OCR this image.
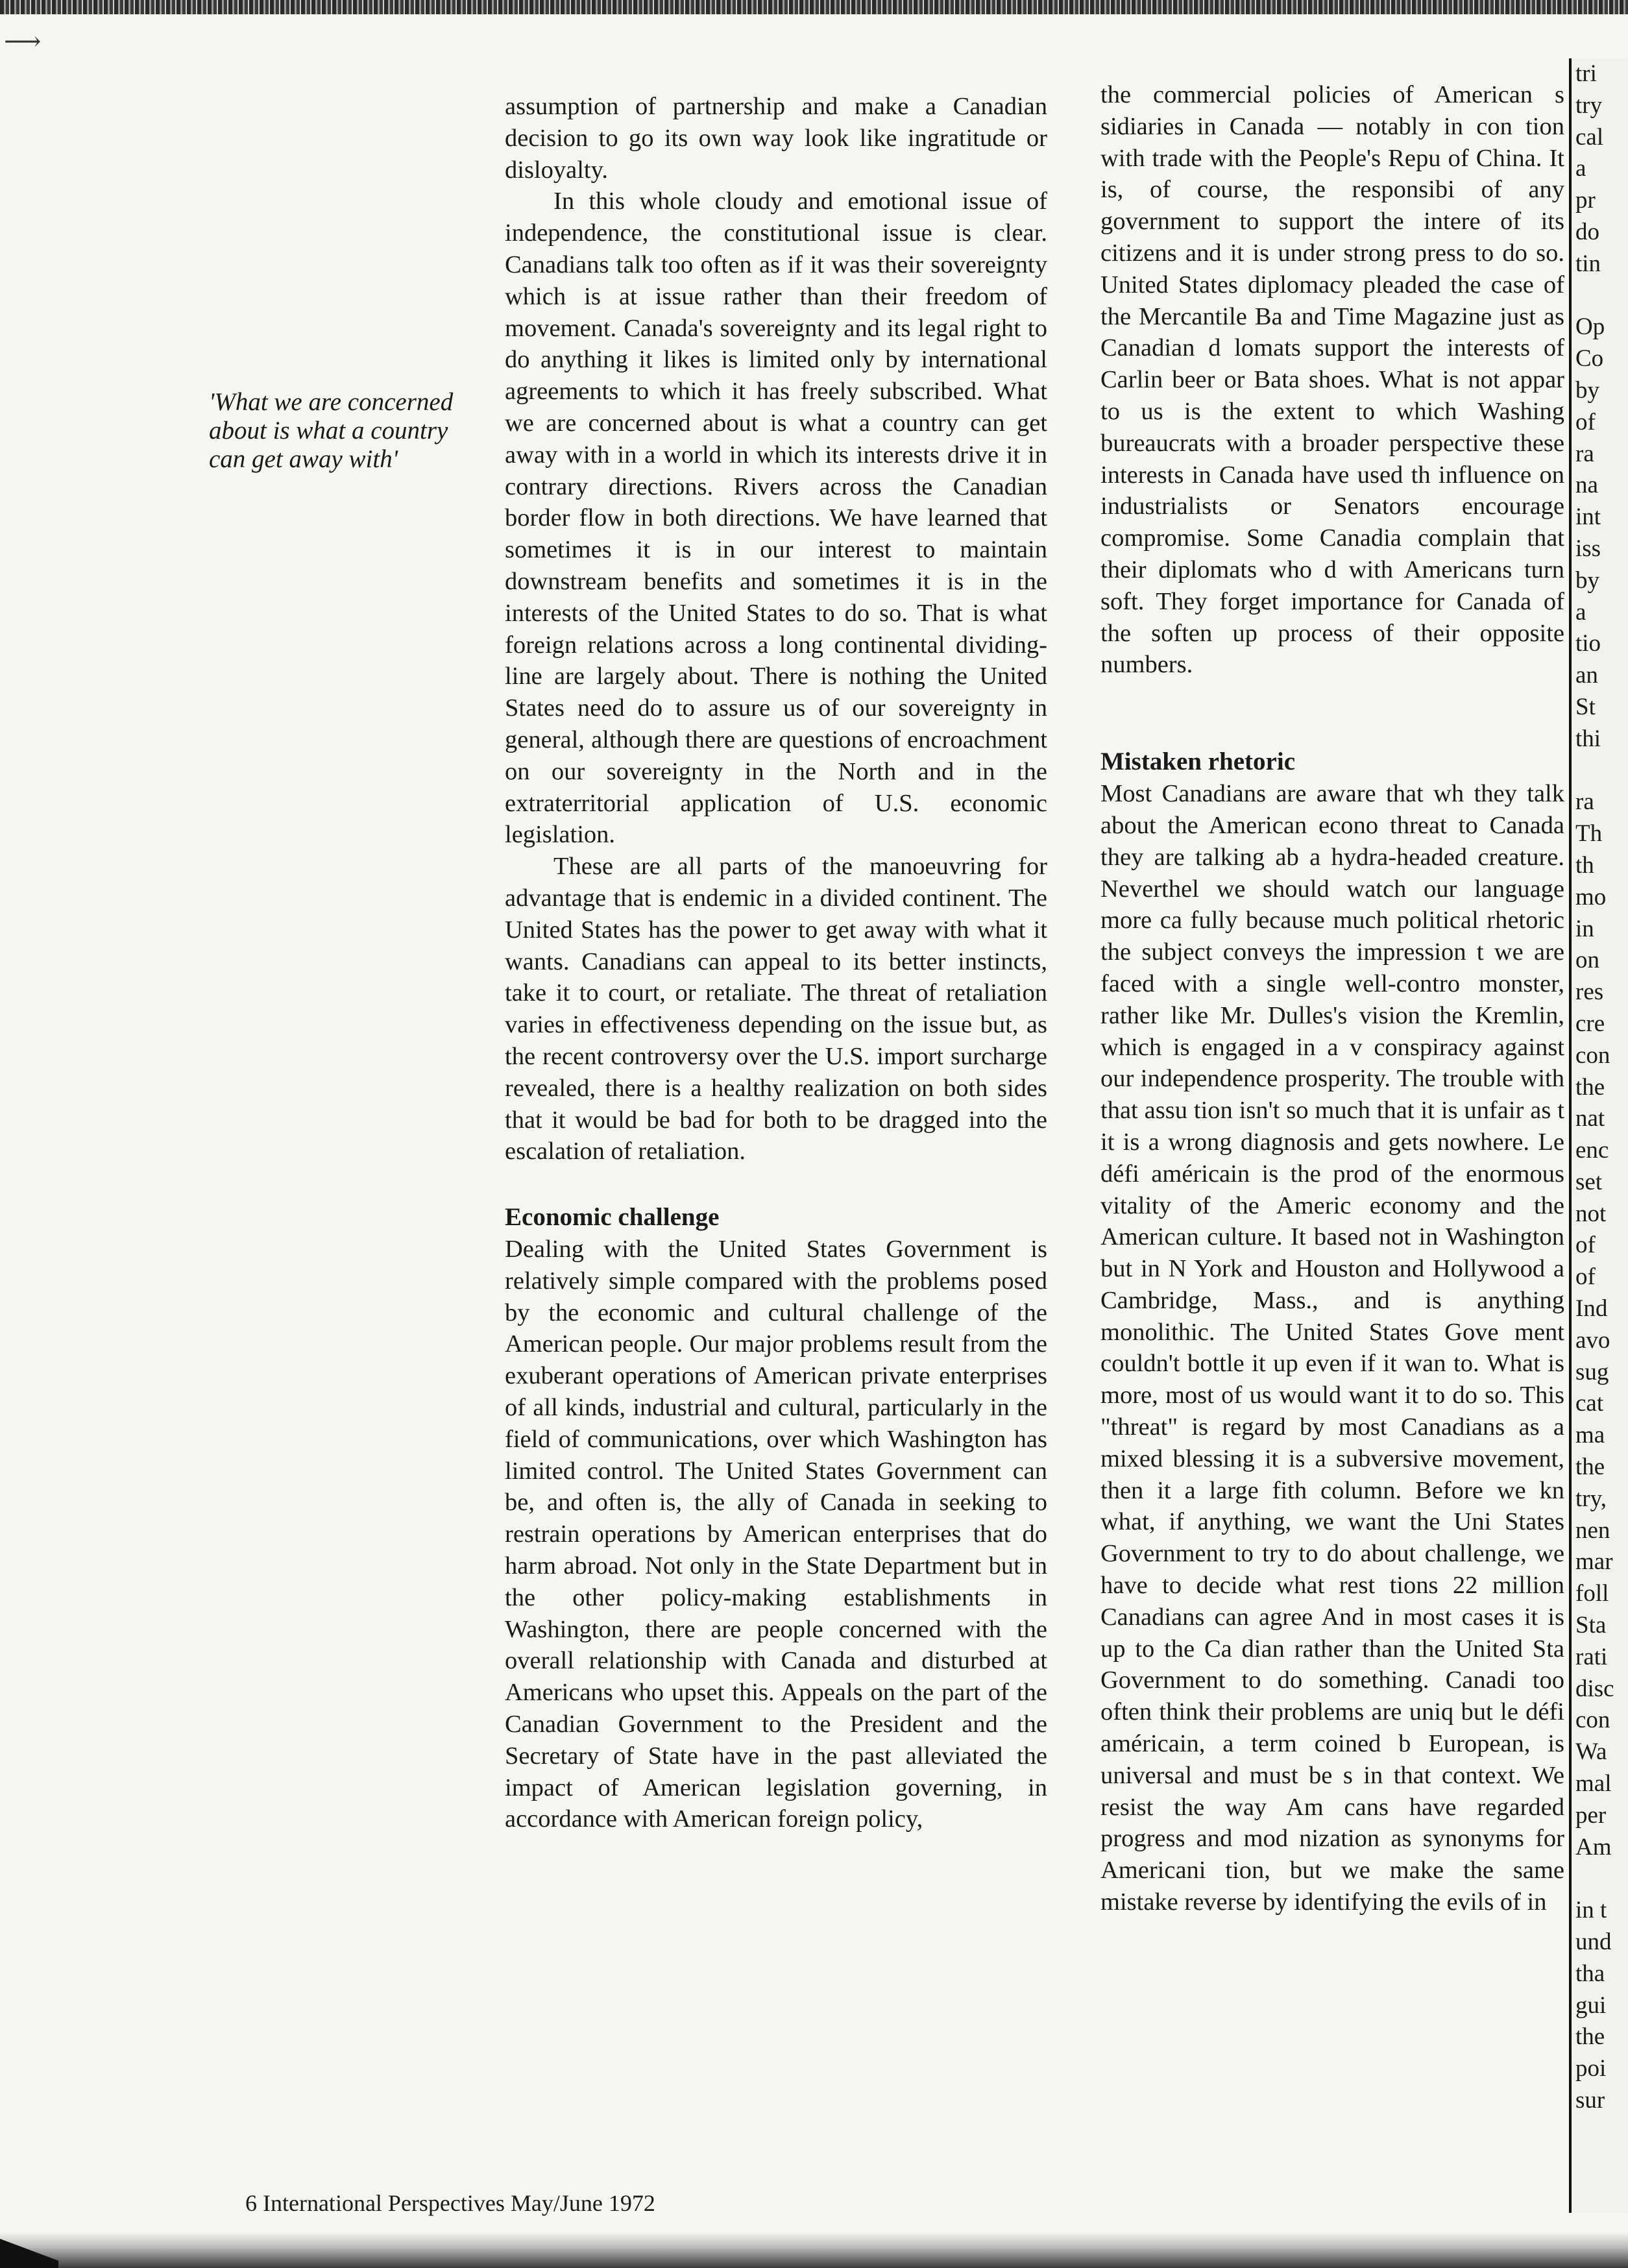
⟶
'What we are concerned about is what a country can get away with'

assumption of partnership and make a Canadian decision to go its own way look like ingratitude or disloyalty.

In this whole cloudy and emotional issue of independence, the constitutional issue is clear. Canadians talk too often as if it was their sovereignty which is at issue rather than their freedom of movement. Canada's sovereignty and its legal right to do anything it likes is limited only by international agreements to which it has freely subscribed. What we are concerned about is what a country can get away with in a world in which its interests drive it in contrary directions. Rivers across the Canadian border flow in both directions. We have learned that sometimes it is in our interest to maintain downstream benefits and sometimes it is in the interests of the United States to do so. That is what foreign relations across a long continental dividing-line are largely about. There is nothing the United States need do to assure us of our sovereignty in general, although there are questions of encroachment on our sovereignty in the North and in the extraterritorial application of U.S. economic legislation.

These are all parts of the manoeuvring for advantage that is endemic in a divided continent. The United States has the power to get away with what it wants. Canadians can appeal to its better instincts, take it to court, or retaliate. The threat of retaliation varies in effectiveness depending on the issue but, as the recent controversy over the U.S. import surcharge revealed, there is a healthy realization on both sides that it would be bad for both to be dragged into the escalation of retaliation.

Economic challenge

Dealing with the United States Government is relatively simple compared with the problems posed by the economic and cultural challenge of the American people. Our major problems result from the exuberant operations of American private enterprises of all kinds, industrial and cultural, particularly in the field of communications, over which Washington has limited control. The United States Government can be, and often is, the ally of Canada in seeking to restrain operations by American enterprises that do harm abroad. Not only in the State Department but in the other policy-making establishments in Washington, there are people concerned with the overall relationship with Canada and disturbed at Americans who upset this. Appeals on the part of the Canadian Government to the President and the Secretary of State have in the past alleviated the impact of American legislation governing, in accordance with American foreign policy,

the commercial policies of American s sidiaries in Canada — notably in con tion with trade with the People's Repu of China. It is, of course, the responsibi of any government to support the intere of its citizens and it is under strong press to do so. United States diplomacy pleaded the case of the Mercantile Ba and Time Magazine just as Canadian d lomats support the interests of Carlin beer or Bata shoes. What is not appar to us is the extent to which Washing bureaucrats with a broader perspective these interests in Canada have used th influence on industrialists or Senators encourage compromise. Some Canadia complain that their diplomats who d with Americans turn soft. They forget importance for Canada of the soften up process of their opposite numbers.

Mistaken rhetoric

Most Canadians are aware that wh they talk about the American econo threat to Canada they are talking ab a hydra-headed creature. Neverthel we should watch our language more ca fully because much political rhetoric the subject conveys the impression t we are faced with a single well-contro monster, rather like Mr. Dulles's vision the Kremlin, which is engaged in a v conspiracy against our independence prosperity. The trouble with that assu tion isn't so much that it is unfair as t it is a wrong diagnosis and gets nowhere. Le défi américain is the prod of the enormous vitality of the Americ economy and the American culture. It based not in Washington but in N York and Houston and Hollywood a Cambridge, Mass., and is anything monolithic. The United States Gove ment couldn't bottle it up even if it wan to. What is more, most of us would want it to do so. This "threat" is regard by most Canadians as a mixed blessing it is a subversive movement, then it a large fith column. Before we kn what, if anything, we want the Uni States Government to try to do about challenge, we have to decide what rest tions 22 million Canadians can agree And in most cases it is up to the Ca dian rather than the United Sta Government to do something. Canadi too often think their problems are uniq but le défi américain, a term coined b European, is universal and must be s in that context. We resist the way Am cans have regarded progress and mod nization as synonyms for Americani tion, but we make the same mistake reverse by identifying the evils of in

tri
try
cal
a
pr
do
tin

Op
Co
by
of
ra
na
int
iss
by
a
tio
an
St
thi

ra
Th
th
mo
in
on
res
cre
con
the
nat
enc
set
not
of
of
Ind
avo
sug
cat
ma
the
try,
nen
mar
foll
Sta
rati
disc
con
Wa
mal
per
Am

in t
und
tha
gui
the
poi
sur
6 International Perspectives May/June 1972
